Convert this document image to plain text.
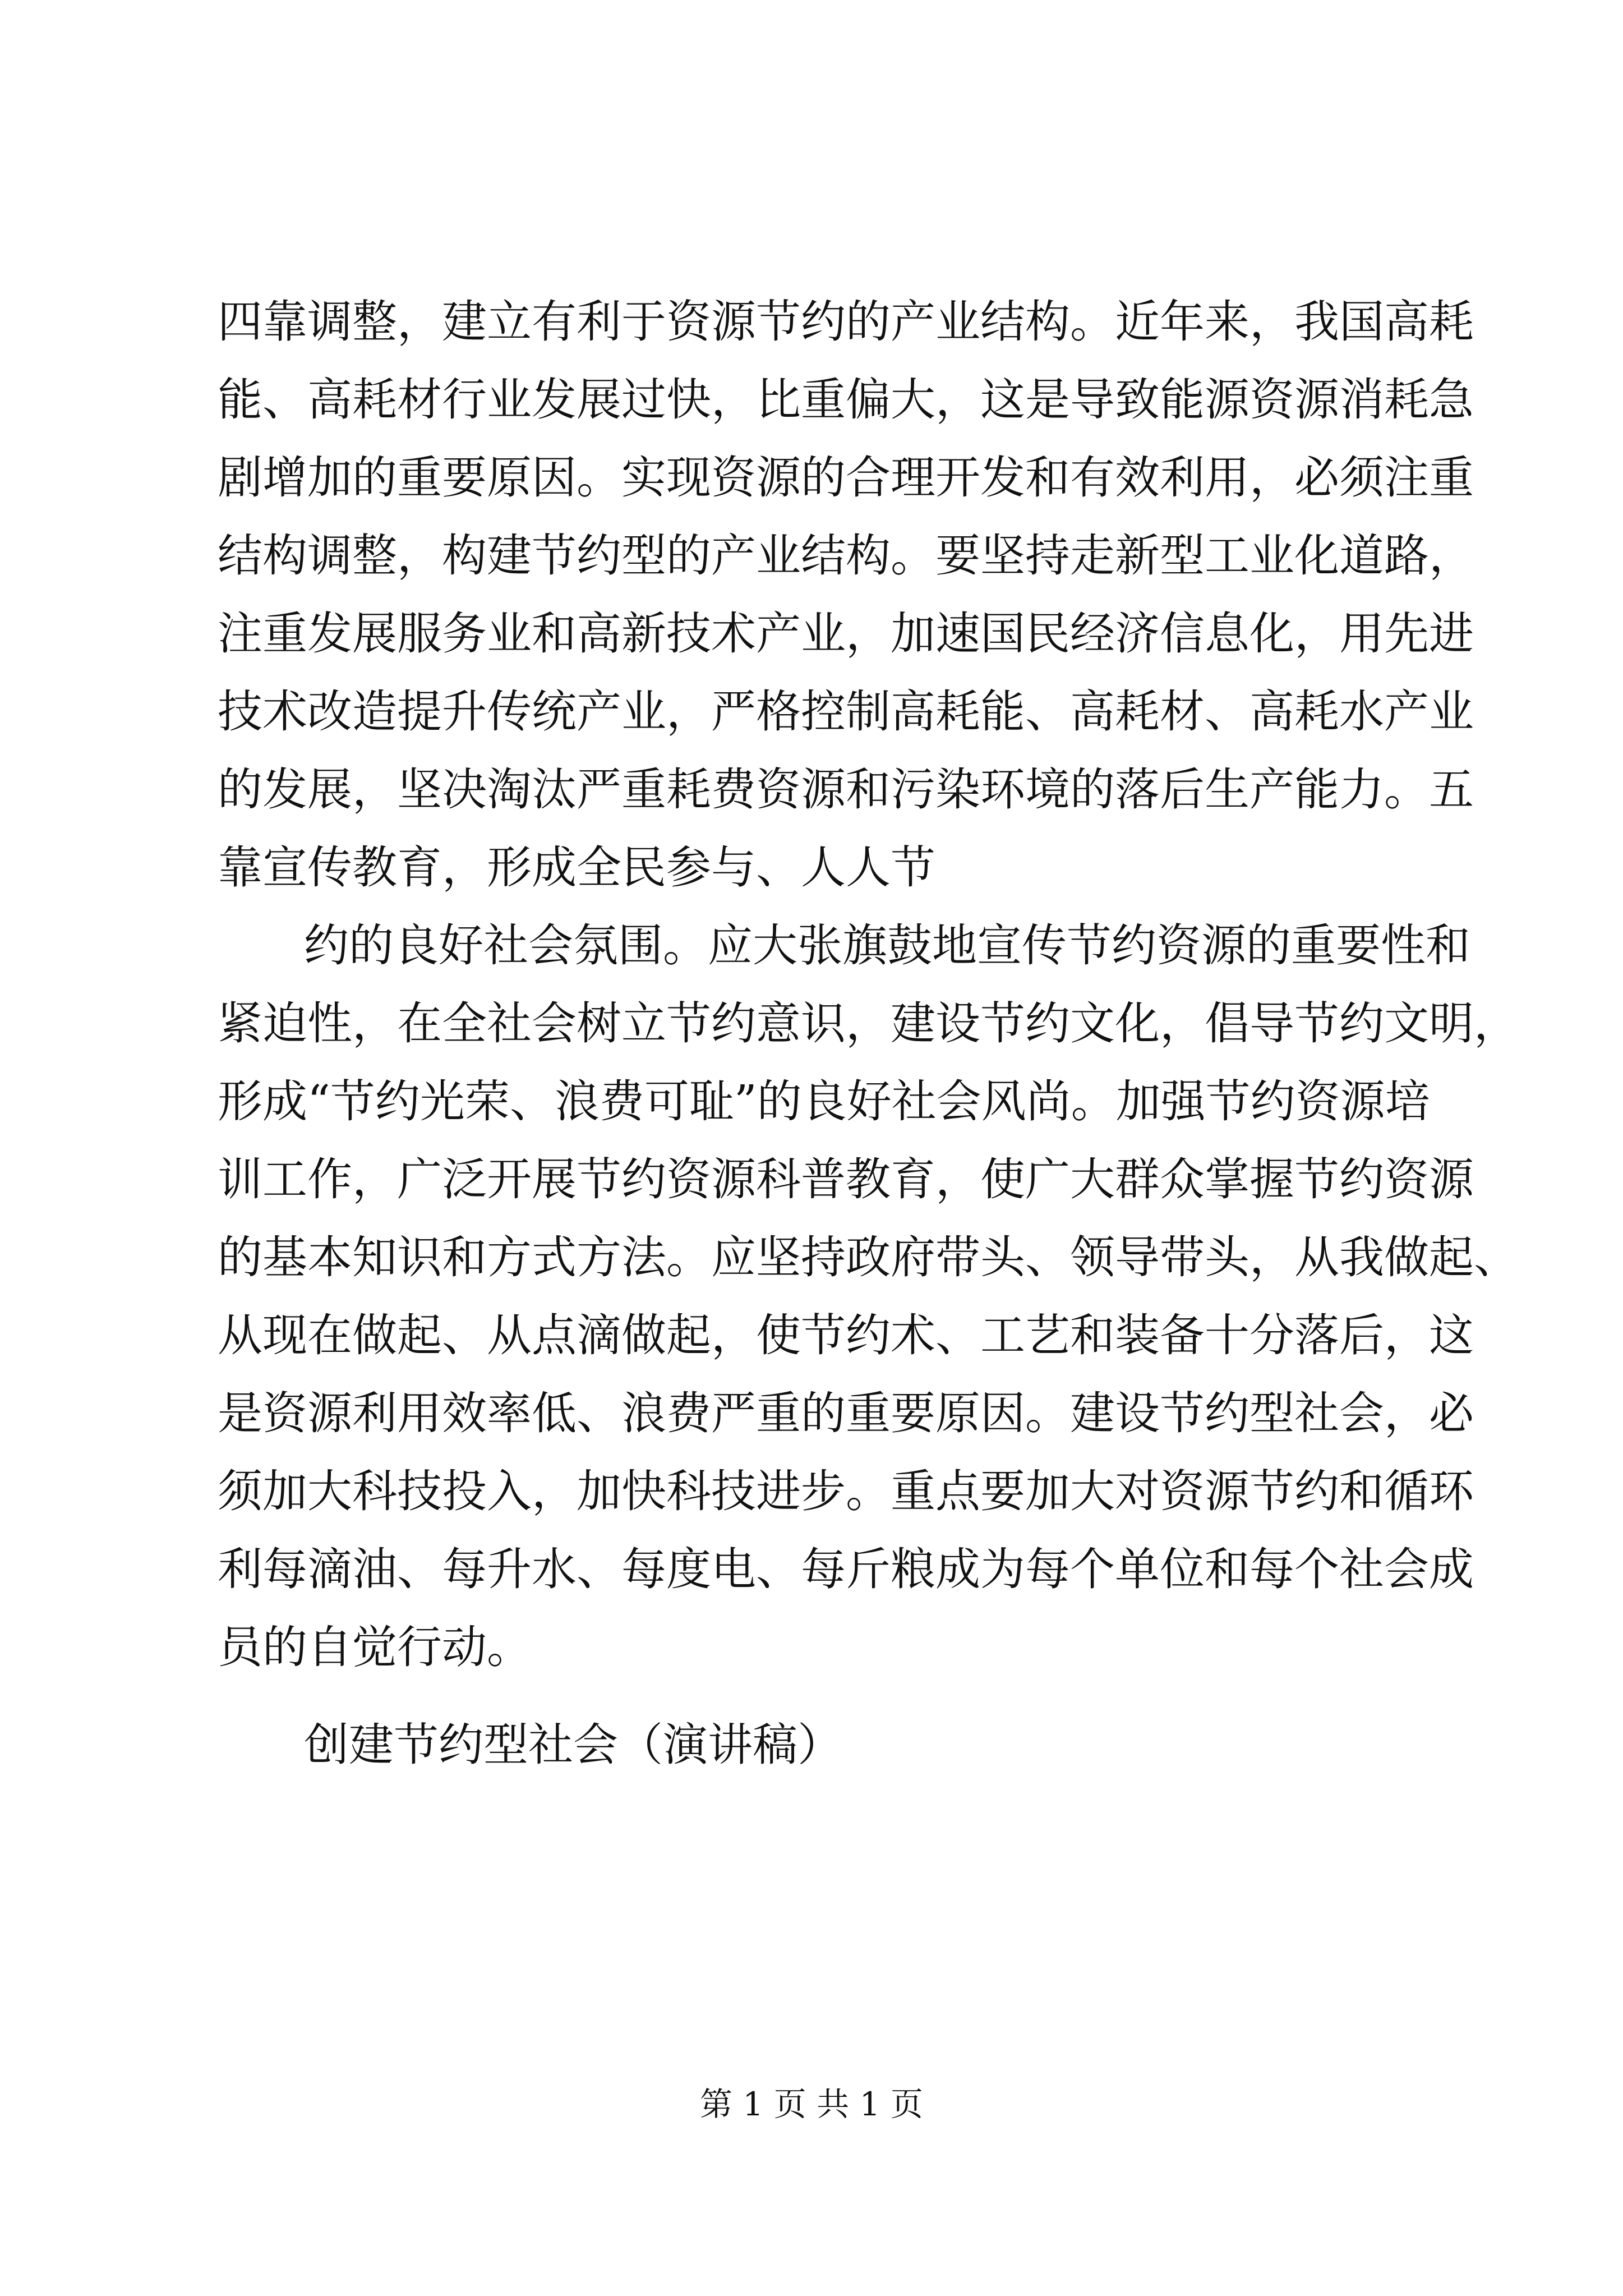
四靠调整，建立有利于资源节约的产业结构。近年来，我国高耗
能、高耗材行业发展过快，比重偏大，这是导致能源资源消耗急
剧增加的重要原因。实现资源的合理开发和有效利用，必须注重
结构调整，构建节约型的产业结构。要坚持走新型工业化道路，
注重发展服务业和高新技术产业，加速国民经济信息化，用先进
技术改造提升传统产业，严格控制高耗能、高耗材、高耗水产业
的发展，坚决淘汰严重耗费资源和污染环境的落后生产能力。五
靠宣传教育，形成全民参与、人人节
约的良好社会氛围。应大张旗鼓地宣传节约资源的重要性和
紧迫性，在全社会树立节约意识，建设节约文化，倡导节约文明，
形成“节约光荣、浪费可耻”的良好社会风尚。加强节约资源培
训工作，广泛开展节约资源科普教育，使广大群众掌握节约资源
的基本知识和方式方法。应坚持政府带头、领导带头，从我做起、
从现在做起、从点滴做起，使节约术、工艺和装备十分落后，这
是资源利用效率低、浪费严重的重要原因。建设节约型社会，必
须加大科技投入，加快科技进步。重点要加大对资源节约和循环
利每滴油、每升水、每度电、每斤粮成为每个单位和每个社会成
员的自觉行动。
创建节约型社会（演讲稿）
第 1 页 共 1 页
